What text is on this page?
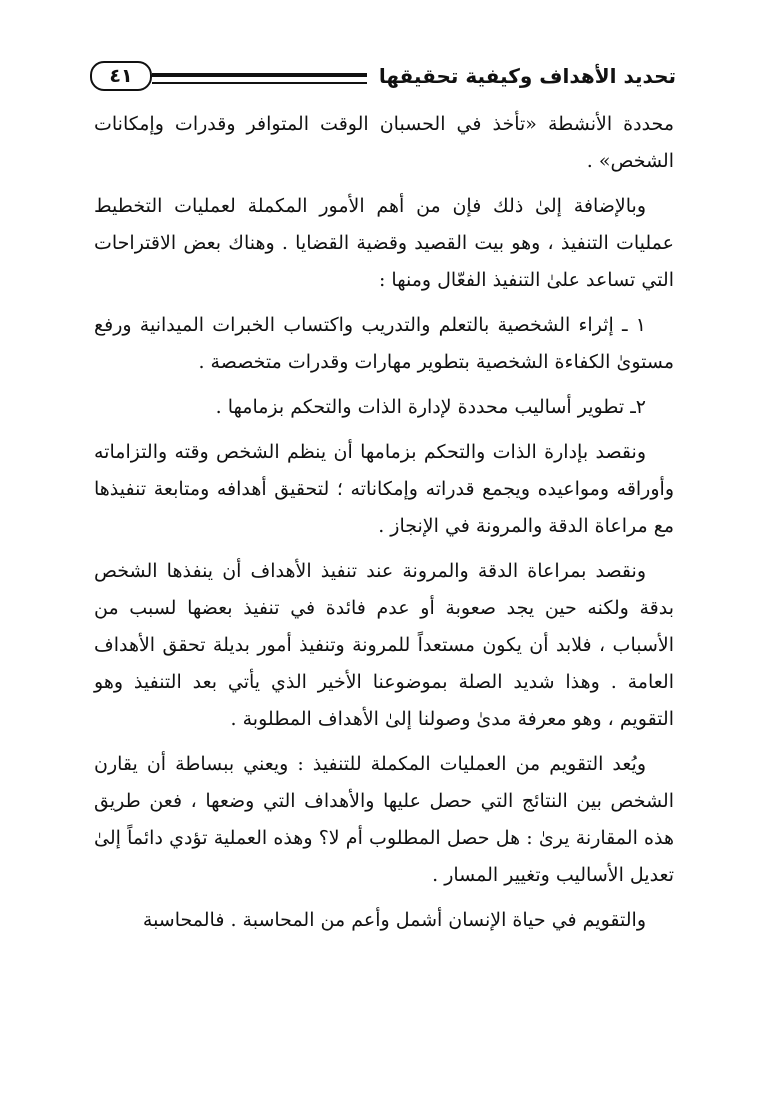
تحديد الأهداف وكيفية تحقيقها
٤١

محددة الأنشطة «تأخذ في الحسبان الوقت المتوافر وقدرات وإمكانات الشخص» .

وبالإضافة إلىٰ ذلك فإن من أهم الأمور المكملة لعمليات التخطيط عمليات التنفيذ ، وهو بيت القصيد وقضية القضايا . وهناك بعض الاقتراحات التي تساعد علىٰ التنفيذ الفعّال ومنها :

١ ـ إثراء الشخصية بالتعلم والتدريب واكتساب الخبرات الميدانية ورفع مستوىٰ الكفاءة الشخصية بتطوير مهارات وقدرات متخصصة .

٢ـ تطوير أساليب محددة لإدارة الذات والتحكم بزمامها .

ونقصد بإدارة الذات والتحكم بزمامها أن ينظم الشخص وقته والتزاماته وأوراقه ومواعيده ويجمع قدراته وإمكاناته ؛ لتحقيق أهدافه ومتابعة تنفيذها مع مراعاة الدقة والمرونة في الإنجاز .

ونقصد بمراعاة الدقة والمرونة عند تنفيذ الأهداف أن ينفذها الشخص بدقة ولكنه حين يجد صعوبة أو عدم فائدة في تنفيذ بعضها لسبب من الأسباب ، فلابد أن يكون مستعداً للمرونة وتنفيذ أمور بديلة تحقق الأهداف العامة . وهذا شديد الصلة بموضوعنا الأخير الذي يأتي بعد التنفيذ وهو التقويم ، وهو معرفة مدىٰ وصولنا إلىٰ الأهداف المطلوبة .

ويُعد التقويم من العمليات المكملة للتنفيذ : ويعني ببساطة أن يقارن الشخص بين النتائج التي حصل عليها والأهداف التي وضعها ، فعن طريق هذه المقارنة يرىٰ : هل حصل المطلوب أم لا؟ وهذه العملية تؤدي دائماً إلىٰ تعديل الأساليب وتغيير المسار .

والتقويم في حياة الإنسان أشمل وأعم من المحاسبة . فالمحاسبة
